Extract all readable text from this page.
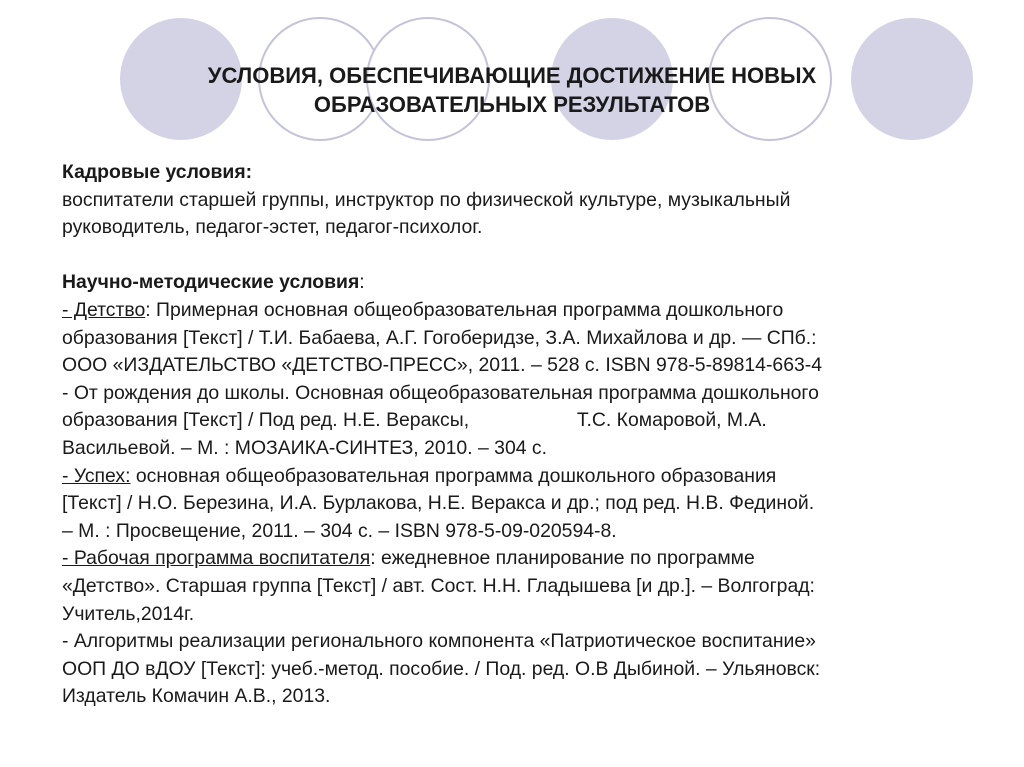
УСЛОВИЯ, ОБЕСПЕЧИВАЮЩИЕ ДОСТИЖЕНИЕ НОВЫХ
ОБРАЗОВАТЕЛЬНЫХ РЕЗУЛЬТАТОВ

Кадровые условия:

воспитатели старшей группы, инструктор по физической культуре, музыкальный

руководитель, педагог-эстет, педагог-психолог.

Научно-методические условия:

- Детство: Примерная основная общеобразовательная программа дошкольного

образования [Текст] / Т.И. Бабаева, А.Г. Гогоберидзе, З.А. Михайлова и др. — СПб.:

ООО «ИЗДАТЕЛЬСТВО «ДЕТСТВО-ПРЕСС», 2011. – 528 с. ISBN 978-5-89814-663-4

- От рождения до школы. Основная общеобразовательная программа дошкольного

образования [Текст] / Под ред. Н.Е. Вераксы,                    Т.С. Комаровой, М.А.

Васильевой. – М. : МОЗАИКА-СИНТЕЗ, 2010. – 304 с.

- Успех: основная общеобразовательная программа дошкольного образования

[Текст] / Н.О. Березина, И.А. Бурлакова, Н.Е. Веракса и др.; под ред. Н.В. Фединой.

– М. : Просвещение, 2011. – 304 с. – ISBN 978-5-09-020594-8.

- Рабочая программа воспитателя: ежедневное планирование по программе

«Детство». Старшая группа [Текст] / авт. Сост. Н.Н. Гладышева [и др.]. – Волгоград:

Учитель,2014г.

- Алгоритмы реализации регионального компонента «Патриотическое воспитание»

ООП ДО вДОУ [Текст]: учеб.-метод. пособие. / Под. ред. О.В Дыбиной. – Ульяновск:

Издатель Комачин А.В., 2013.
